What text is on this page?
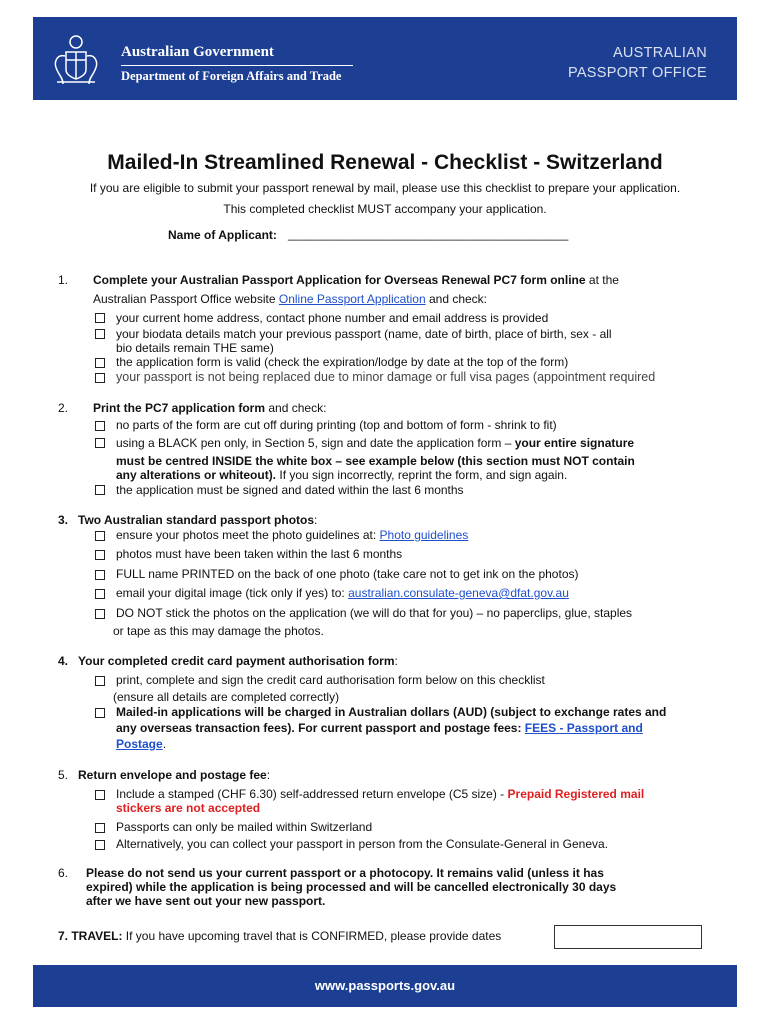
Australian Government
Department of Foreign Affairs and Trade
AUSTRALIAN
PASSPORT OFFICE
Mailed-In Streamlined Renewal - Checklist - Switzerland
If you are eligible to submit your passport renewal by mail, please use this checklist to prepare your application.
This completed checklist MUST accompany your application.
Name of Applicant: __________________________________________
1. Complete your Australian Passport Application for Overseas Renewal PC7 form online at the
Australian Passport Office website Online Passport Application and check:
your current home address, contact phone number and email address is provided
your biodata details match your previous passport (name, date of birth, place of birth, sex - all
bio details remain THE same)
the application form is valid (check the expiration/lodge by date at the top of the form)
your passport is not being replaced due to minor damage or full visa pages (appointment required
2. Print the PC7 application form and check:
no parts of the form are cut off during printing (top and bottom of form - shrink to fit)
using a BLACK pen only, in Section 5, sign and date the application form – your entire signature
must be centred INSIDE the white box – see example below (this section must NOT contain
any alterations or whiteout). If you sign incorrectly, reprint the form, and sign again.
the application must be signed and dated within the last 6 months
3. Two Australian standard passport photos:
ensure your photos meet the photo guidelines at: Photo guidelines
photos must have been taken within the last 6 months
FULL name PRINTED on the back of one photo (take care not to get ink on the photos)
email your digital image (tick only if yes) to: australian.consulate-geneva@dfat.gov.au
DO NOT stick the photos on the application (we will do that for you) – no paperclips, glue, staples
or tape as this may damage the photos.
4. Your completed credit card payment authorisation form:
print, complete and sign the credit card authorisation form below on this checklist
(ensure all details are completed correctly)
Mailed-in applications will be charged in Australian dollars (AUD) (subject to exchange rates and
any overseas transaction fees). For current passport and postage fees: FEES - Passport and
Postage.
5. Return envelope and postage fee:
Include a stamped (CHF 6.30) self-addressed return envelope (C5 size) - Prepaid Registered mail
stickers are not accepted
Passports can only be mailed within Switzerland
Alternatively, you can collect your passport in person from the Consulate-General in Geneva.
6. Please do not send us your current passport or a photocopy. It remains valid (unless it has
expired) while the application is being processed and will be cancelled electronically 30 days
after we have sent out your new passport.
7. TRAVEL: If you have upcoming travel that is CONFIRMED, please provide dates
www.passports.gov.au
